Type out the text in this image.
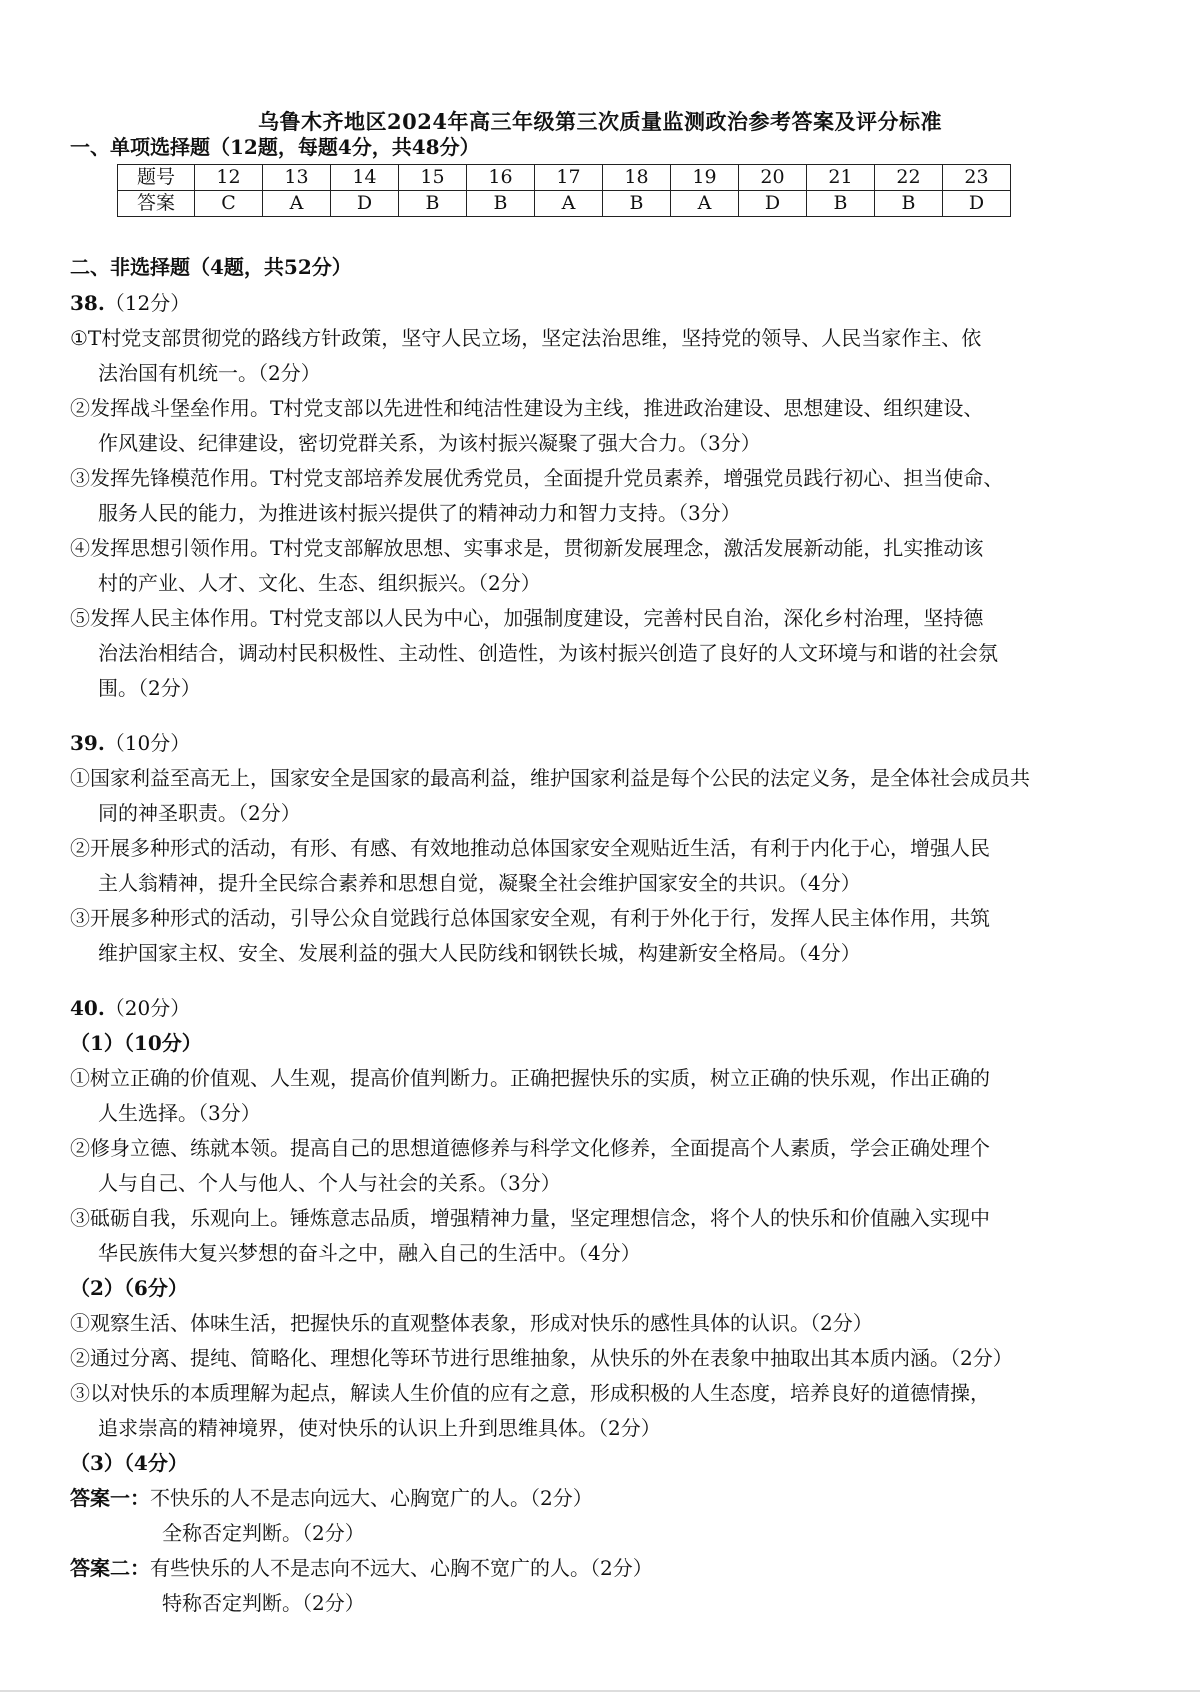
乌鲁木齐地区2024年高三年级第三次质量监测政治参考答案及评分标准
一、单项选择题（12题，每题4分，共48分）
题号	12	13	14	15	16	17	18	19	20	21	22	23
答案	C	A	D	B	B	A	B	A	D	B	B	D
二、非选择题（4题，共52分）
38.（12分）
①T村党支部贯彻党的路线方针政策，坚守人民立场，坚定法治思维，坚持党的领导、人民当家作主、依
法治国有机统一。（2分）
②发挥战斗堡垒作用。T村党支部以先进性和纯洁性建设为主线，推进政治建设、思想建设、组织建设、
作风建设、纪律建设，密切党群关系，为该村振兴凝聚了强大合力。（3分）
③发挥先锋模范作用。T村党支部培养发展优秀党员，全面提升党员素养，增强党员践行初心、担当使命、
服务人民的能力，为推进该村振兴提供了的精神动力和智力支持。（3分）
④发挥思想引领作用。T村党支部解放思想、实事求是，贯彻新发展理念，激活发展新动能，扎实推动该
村的产业、人才、文化、生态、组织振兴。（2分）
⑤发挥人民主体作用。T村党支部以人民为中心，加强制度建设，完善村民自治，深化乡村治理，坚持德
治法治相结合，调动村民积极性、主动性、创造性，为该村振兴创造了良好的人文环境与和谐的社会氛
围。（2分）
39.（10分）
①国家利益至高无上，国家安全是国家的最高利益，维护国家利益是每个公民的法定义务，是全体社会成员共
同的神圣职责。（2分）
②开展多种形式的活动，有形、有感、有效地推动总体国家安全观贴近生活，有利于内化于心，增强人民
主人翁精神，提升全民综合素养和思想自觉，凝聚全社会维护国家安全的共识。（4分）
③开展多种形式的活动，引导公众自觉践行总体国家安全观，有利于外化于行，发挥人民主体作用，共筑
维护国家主权、安全、发展利益的强大人民防线和钢铁长城，构建新安全格局。（4分）
40.（20分）
（1）（10分）
①树立正确的价值观、人生观，提高价值判断力。正确把握快乐的实质，树立正确的快乐观，作出正确的
人生选择。（3分）
②修身立德、练就本领。提高自己的思想道德修养与科学文化修养，全面提高个人素质，学会正确处理个
人与自己、个人与他人、个人与社会的关系。（3分）
③砥砺自我，乐观向上。锤炼意志品质，增强精神力量，坚定理想信念，将个人的快乐和价值融入实现中
华民族伟大复兴梦想的奋斗之中，融入自己的生活中。（4分）
（2）（6分）
①观察生活、体味生活，把握快乐的直观整体表象，形成对快乐的感性具体的认识。（2分）
②通过分离、提纯、简略化、理想化等环节进行思维抽象，从快乐的外在表象中抽取出其本质内涵。（2分）
③以对快乐的本质理解为起点，解读人生价值的应有之意，形成积极的人生态度，培养良好的道德情操，
追求崇高的精神境界，使对快乐的认识上升到思维具体。（2分）
（3）（4分）
答案一：不快乐的人不是志向远大、心胸宽广的人。（2分）
全称否定判断。（2分）
答案二：有些快乐的人不是志向不远大、心胸不宽广的人。（2分）
特称否定判断。（2分）
